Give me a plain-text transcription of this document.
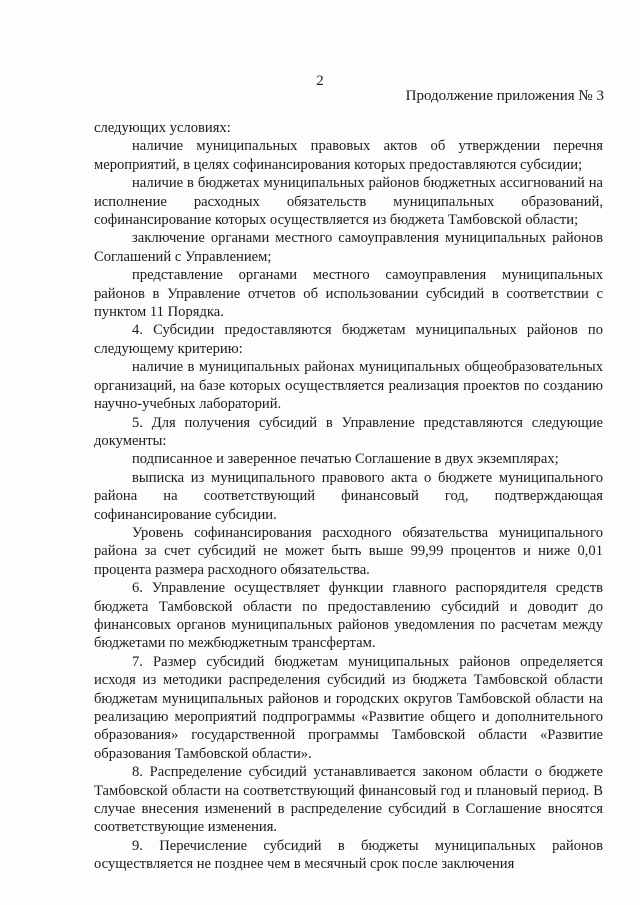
2
Продолжение приложения № 3

следующих условиях:

наличие муниципальных правовых актов об утверждении перечня мероприятий, в целях софинансирования которых предоставляются субсидии;

наличие в бюджетах муниципальных районов бюджетных ассигнований на исполнение расходных обязательств муниципальных образований, софинансирование которых осуществляется из бюджета Тамбовской области;

заключение органами местного самоуправления муниципальных районов Соглашений с Управлением;

представление органами местного самоуправления муниципальных районов в Управление отчетов об использовании субсидий в соответствии с пунктом 11 Порядка.

4. Субсидии предоставляются бюджетам муниципальных районов по следующему критерию:

наличие в муниципальных районах муниципальных общеобразовательных организаций, на базе которых осуществляется реализация проектов по созданию научно-учебных лабораторий.

5. Для получения субсидий в Управление представляются следующие документы:

подписанное и заверенное печатью Соглашение в двух экземплярах;

выписка из муниципального правового акта о бюджете муниципального района на соответствующий финансовый год, подтверждающая софинансирование субсидии.

Уровень софинансирования расходного обязательства муниципального района за счет субсидий не может быть выше 99,99 процентов и ниже 0,01 процента размера расходного обязательства.

6. Управление осуществляет функции главного распорядителя средств бюджета Тамбовской области по предоставлению субсидий и доводит до финансовых органов муниципальных районов уведомления по расчетам между бюджетами по межбюджетным трансфертам.

7. Размер субсидий бюджетам муниципальных районов определяется исходя из методики распределения субсидий из бюджета Тамбовской области бюджетам муниципальных районов и городских округов Тамбовской области на реализацию мероприятий подпрограммы «Развитие общего и дополнительного образования» государственной программы Тамбовской области «Развитие образования Тамбовской области».

8. Распределение субсидий устанавливается законом области о бюджете Тамбовской области на соответствующий финансовый год и плановый период. В случае внесения изменений в распределение субсидий в Соглашение вносятся соответствующие изменения.

9. Перечисление субсидий в бюджеты муниципальных районов осуществляется не позднее чем в месячный срок после заключения
